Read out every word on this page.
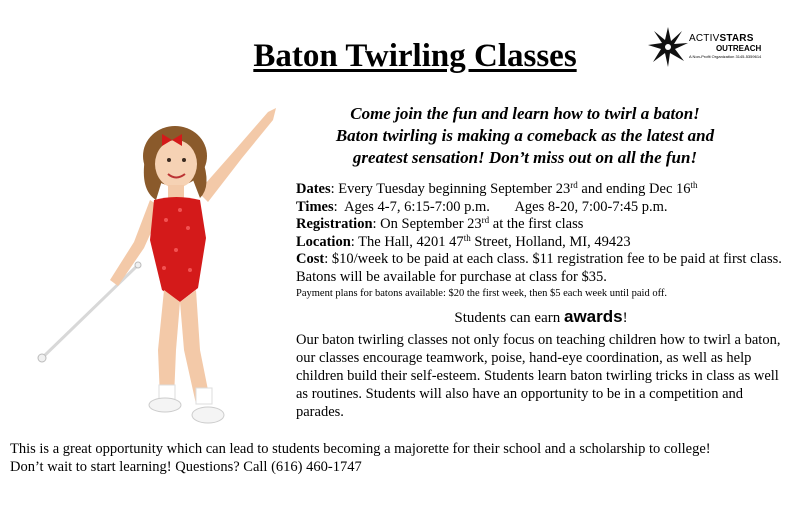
Baton Twirling Classes	ACTIVSTARS
OUTREACH
A Non-Profit Organization 3145-5359614
Come join the fun and learn how to twirl a baton!
Baton twirling is making a comeback as the latest and
greatest sensation! Don’t miss out on all the fun!
Dates: Every Tuesday beginning September 23rd and ending Dec 16th
Times:  Ages 4-7, 6:15-7:00 p.m.       Ages 8-20, 7:00-7:45 p.m.
Registration: On September 23rd at the first class
Location: The Hall, 4201 47th Street, Holland, MI, 49423
Cost: $10/week to be paid at each class. $11 registration fee to be paid at first class. Batons will be available for purchase at class for $35.
Payment plans for batons available: $20 the first week, then $5 each week until paid off.
Students can earn awards!
Our baton twirling classes not only focus on teaching children how to twirl a baton, our classes encourage teamwork, poise, hand-eye coordination, as well as help children build their self-esteem. Students learn baton twirling tricks in class as well as routines. Students will also have an opportunity to be in a competition and parades.
This is a great opportunity which can lead to students becoming a majorette for their school and a scholarship to college!
Don’t wait to start learning! Questions? Call (616) 460-1747
